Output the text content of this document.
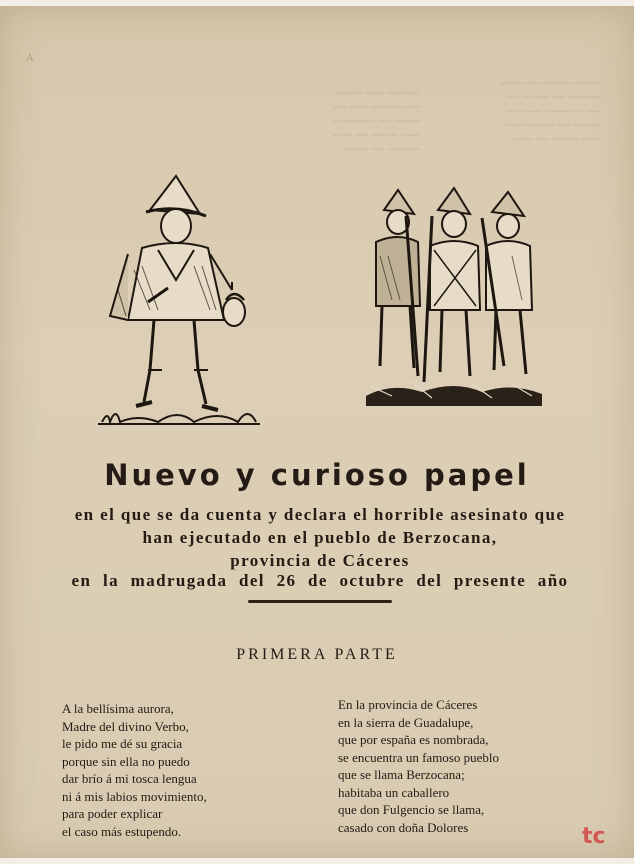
~~~~~ ~~~ ~~~~
~~ ~~~~~ ~~~ ~~
~~~~ ~~ ~~~~~ ~
~~~ ~~~~ ~~ ~~~
~~~~~ ~~ ~~~~
~~~~ ~~~~~ ~~ ~~~
~~~~~ ~~ ~~~~ ~~
~~ ~~~~~~ ~~~~ ~
~~~~ ~~ ~~~~~ ~~
~~~ ~~~~ ~~ ~~~
A
Nuevo y curioso papel
en el que se da cuenta y declara el horrible asesinato que
han ejecutado en el pueblo de Berzocana,
provincia de Cáceres
en la madrugada del 26 de octubre del presente año
PRIMERA PARTE
A la bellísima aurora,
Madre del divino Verbo,
le pido me dé su gracia
porque sin ella no puedo
dar brío á mi tosca lengua
ni á mis labios movimiento,
para poder explicar
el caso más estupendo.
En la provincia de Cáceres
en la sierra de Guadalupe,
que por españa es nombrada,
se encuentra un famoso pueblo
que se llama Berzocana;
habitaba un caballero
que don Fulgencio se llama,
casado con doña Dolores	tc
